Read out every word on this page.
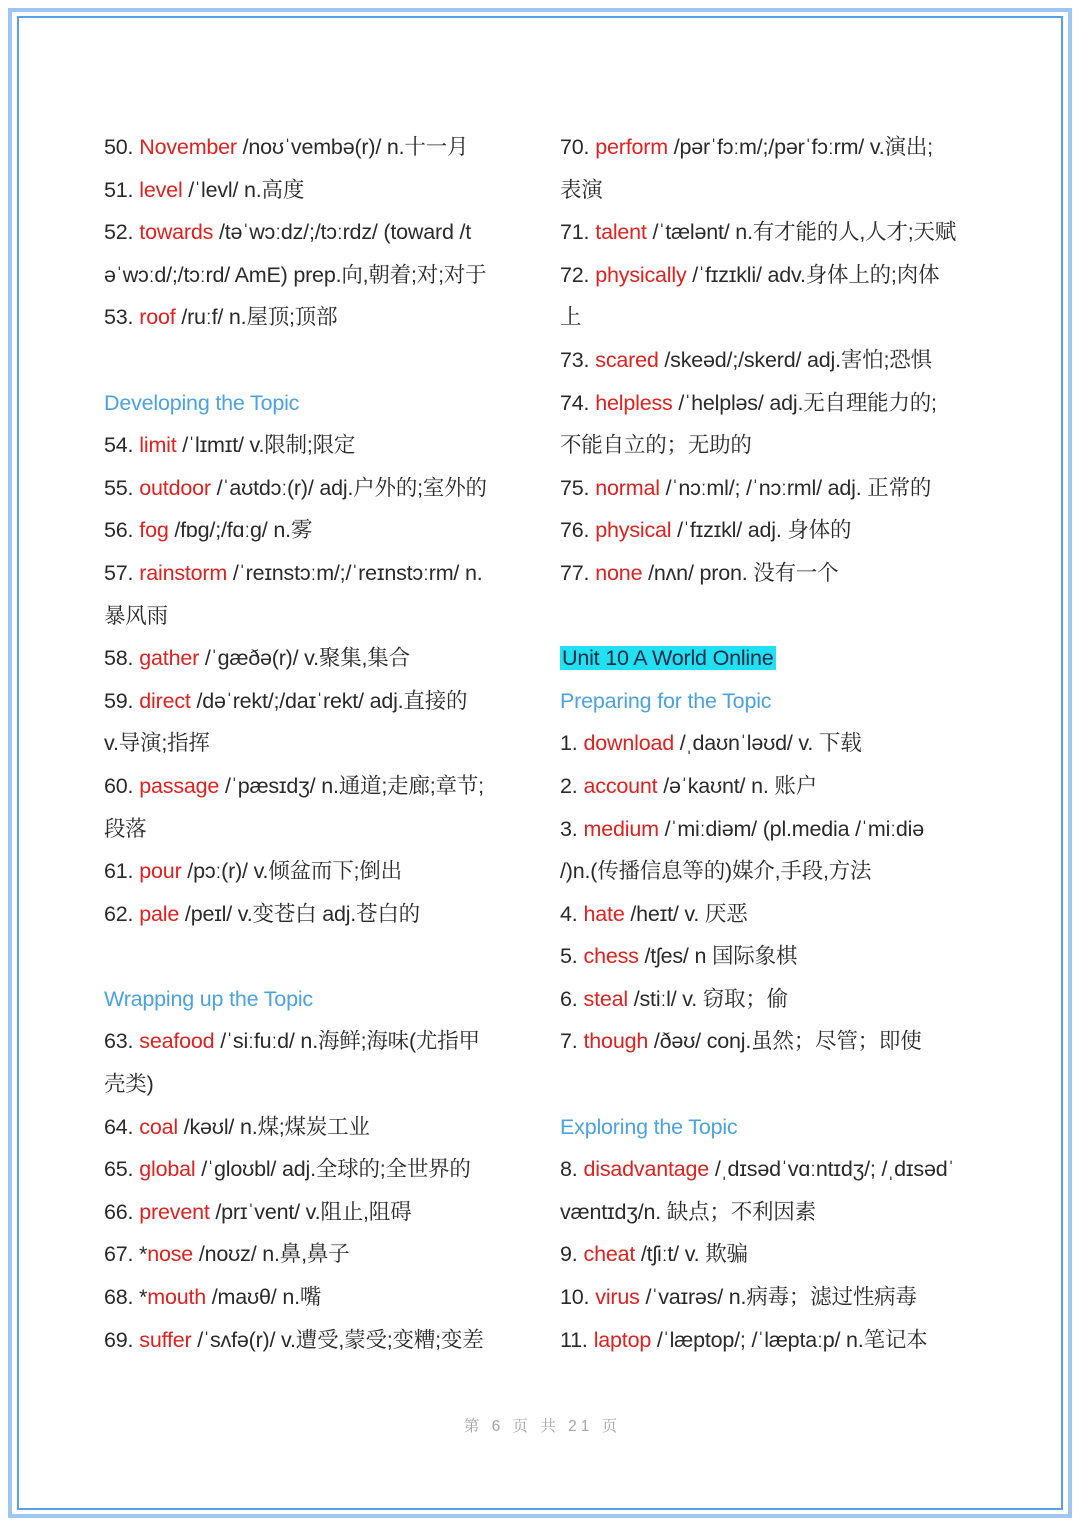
50. November /noʊˈvembə(r)/ n.十一月
51. level /ˈlevl/ n.高度
52. towards /təˈwɔːdz/;/tɔːrdz/ (toward /t
əˈwɔːd/;/tɔːrd/ AmE) prep.向,朝着;对;对于
53. roof /ruːf/ n.屋顶;顶部
Developing the Topic
54. limit /ˈlɪmɪt/ v.限制;限定
55. outdoor /ˈaʊtdɔː(r)/ adj.户外的;室外的
56. fog /fɒg/;/fɑːg/ n.雾
57. rainstorm /ˈreɪnstɔːm/;/ˈreɪnstɔːrm/ n.
暴风雨
58. gather /ˈgæðə(r)/ v.聚集,集合
59. direct /dəˈrekt/;/daɪˈrekt/ adj.直接的
v.导演;指挥
60. passage /ˈpæsɪdʒ/ n.通道;走廊;章节;
段落
61. pour /pɔː(r)/ v.倾盆而下;倒出
62. pale /peɪl/ v.变苍白 adj.苍白的
Wrapping up the Topic
63. seafood /ˈsiːfuːd/ n.海鲜;海味(尤指甲
壳类)
64. coal /kəʊl/ n.煤;煤炭工业
65. global /ˈgloʊbl/ adj.全球的;全世界的
66. prevent /prɪˈvent/ v.阻止,阻碍
67. *nose /noʊz/ n.鼻,鼻子
68. *mouth /maʊθ/ n.嘴
69. suffer /ˈsʌfə(r)/ v.遭受,蒙受;变糟;变差
70. perform /pərˈfɔːm/;/pərˈfɔːrm/ v.演出;
表演
71. talent /ˈtælənt/ n.有才能的人,人才;天赋
72. physically /ˈfɪzɪkli/ adv.身体上的;肉体
上
73. scared /skeəd/;/skerd/ adj.害怕;恐惧
74. helpless /ˈhelpləs/ adj.无自理能力的;
不能自立的；无助的
75. normal /ˈnɔːml/; /ˈnɔːrml/ adj. 正常的
76. physical /ˈfɪzɪkl/ adj. 身体的
77. none /nʌn/ pron. 没有一个
Unit 10 A World Online
Preparing for the Topic
1. download /ˌdaʊnˈləʊd/ v. 下载
2. account /əˈkaʊnt/ n. 账户
3. medium /ˈmiːdiəm/ (pl.media /ˈmiːdiə
/)n.(传播信息等的)媒介,手段,方法
4. hate /heɪt/ v. 厌恶
5. chess /tʃes/ n 国际象棋
6. steal /stiːl/ v. 窃取；偷
7. though /ðəʊ/ conj.虽然；尽管；即使
Exploring the Topic
8. disadvantage /ˌdɪsədˈvɑːntɪdʒ/; /ˌdɪsədˈ
væntɪdʒ/n. 缺点；不利因素
9. cheat /tʃiːt/ v. 欺骗
10. virus /ˈvaɪrəs/ n.病毒；滤过性病毒
11. laptop /ˈlæptop/; /ˈlæptaːp/ n.笔记本
第 6 页 共 21 页
